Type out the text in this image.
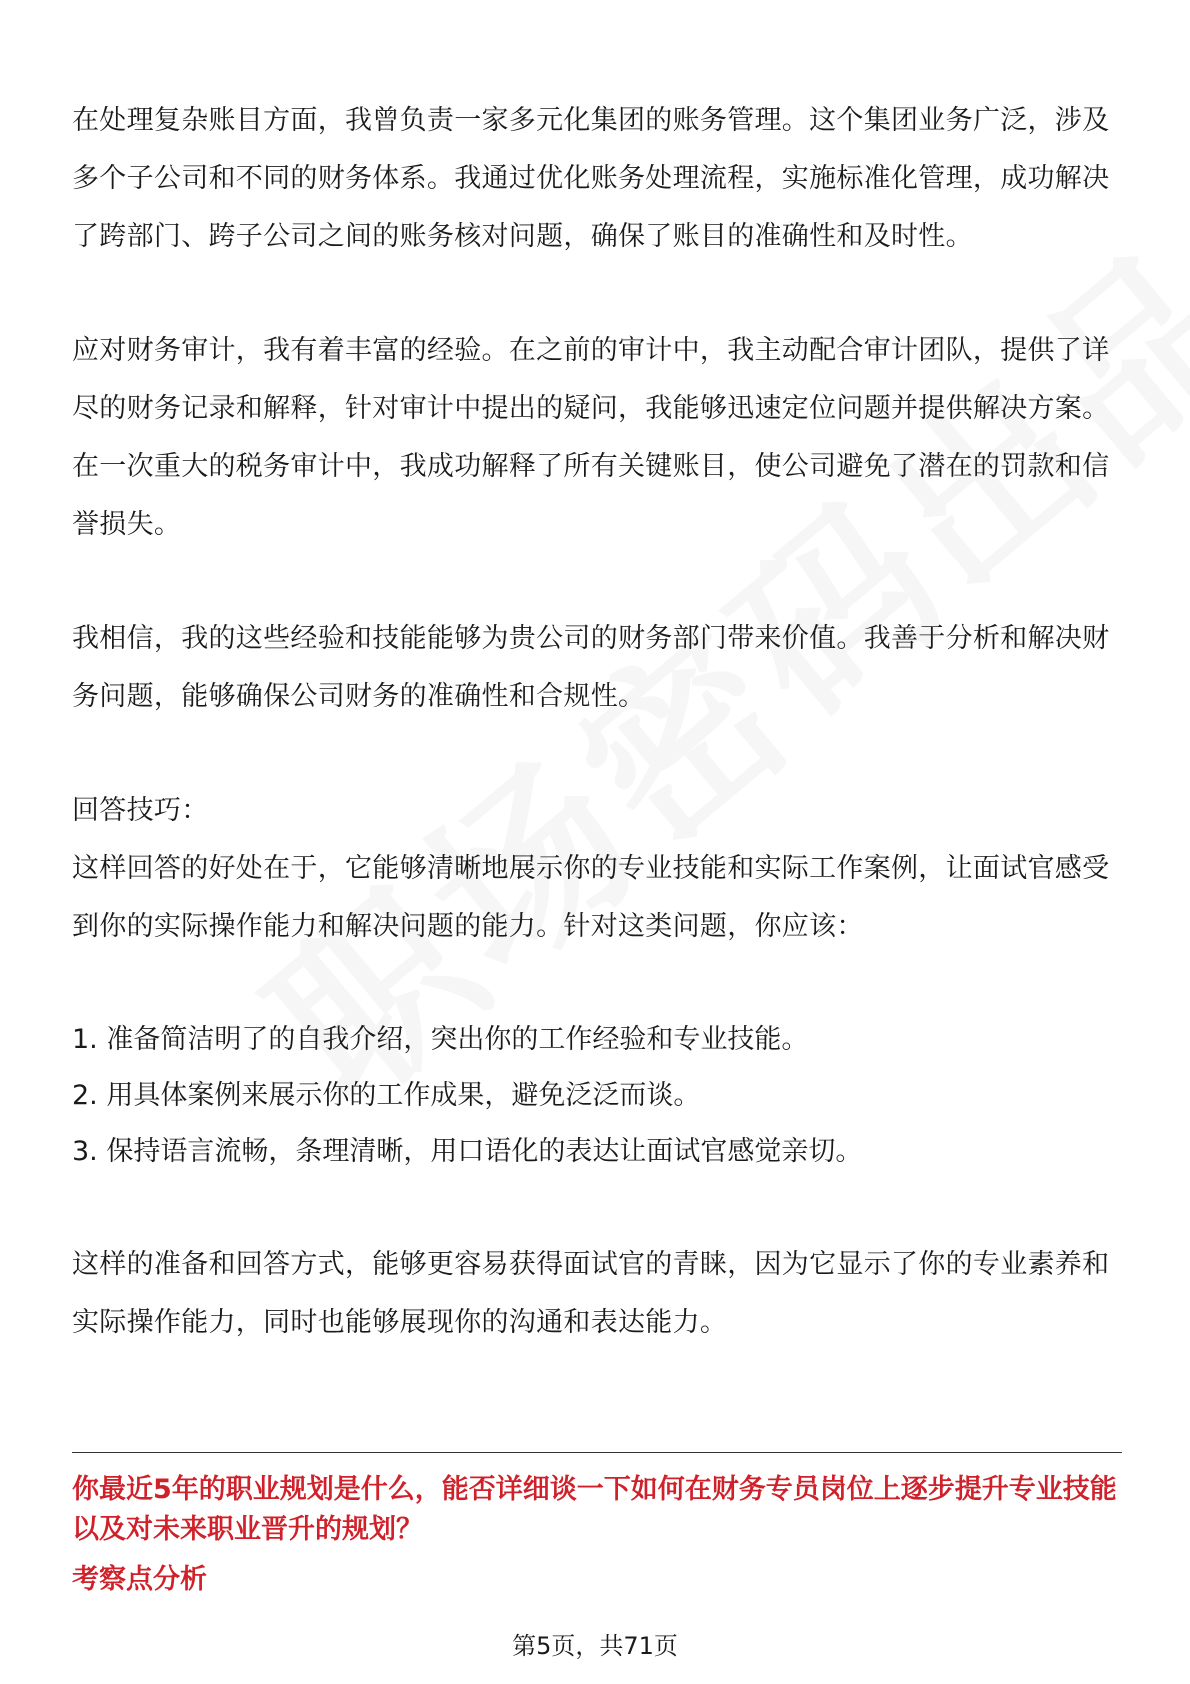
在处理复杂账目方面，我曾负责一家多元化集团的账务管理。这个集团业务广泛，涉及多个子公司和不同的财务体系。我通过优化账务处理流程，实施标准化管理，成功解决了跨部门、跨子公司之间的账务核对问题，确保了账目的准确性和及时性。

应对财务审计，我有着丰富的经验。在之前的审计中，我主动配合审计团队，提供了详尽的财务记录和解释，针对审计中提出的疑问，我能够迅速定位问题并提供解决方案。在一次重大的税务审计中，我成功解释了所有关键账目，使公司避免了潜在的罚款和信誉损失。

我相信，我的这些经验和技能能够为贵公司的财务部门带来价值。我善于分析和解决财务问题，能够确保公司财务的准确性和合规性。

回答技巧：

这样回答的好处在于，它能够清晰地展示你的专业技能和实际工作案例，让面试官感受到你的实际操作能力和解决问题的能力。针对这类问题，你应该：

1. 准备简洁明了的自我介绍，突出你的工作经验和专业技能。

2. 用具体案例来展示你的工作成果，避免泛泛而谈。

3. 保持语言流畅，条理清晰，用口语化的表达让面试官感觉亲切。

这样的准备和回答方式，能够更容易获得面试官的青睐，因为它显示了你的专业素养和实际操作能力，同时也能够展现你的沟通和表达能力。

你最近5年的职业规划是什么，能否详细谈一下如何在财务专员岗位上逐步提升专业技能以及对未来职业晋升的规划？

考察点分析

第5页，共71页
